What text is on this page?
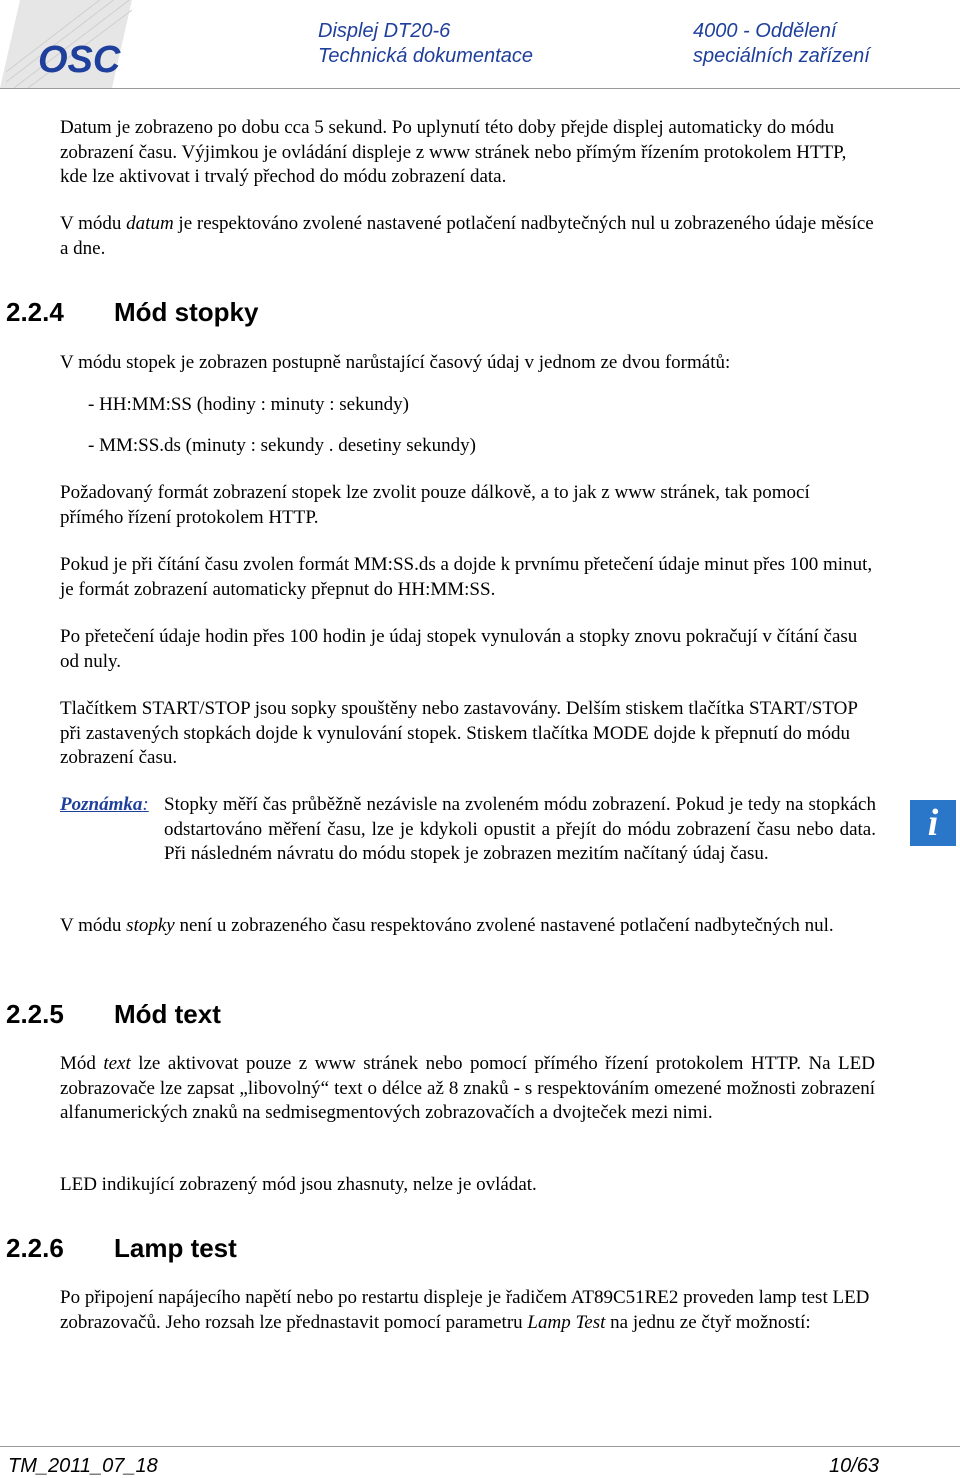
OSC
Displej DT20-6
Technická dokumentace
4000 - Oddělení
speciálních zařízení
Datum je zobrazeno po dobu cca 5 sekund. Po uplynutí této doby přejde displej automaticky do módu zobrazení času. Výjimkou je ovládání displeje z www stránek nebo přímým řízením protokolem HTTP, kde lze aktivovat i trvalý přechod do módu zobrazení data.
V módu datum je respektováno zvolené nastavené potlačení nadbytečných nul u zobrazeného údaje měsíce a dne.
2.2.4 Mód stopky
V módu stopek je zobrazen postupně narůstající časový údaj v jednom ze dvou formátů:
- HH:MM:SS (hodiny : minuty : sekundy)
- MM:SS.ds (minuty : sekundy . desetiny sekundy)
Požadovaný formát zobrazení stopek lze zvolit pouze dálkově, a to jak z www stránek, tak pomocí přímého řízení protokolem HTTP.
Pokud je při čítání času zvolen formát MM:SS.ds a dojde k prvnímu přetečení údaje minut přes 100 minut, je formát zobrazení automaticky přepnut do HH:MM:SS.
Po přetečení údaje hodin přes 100 hodin je údaj stopek vynulován a stopky znovu pokračují v čítání času od nuly.
Tlačítkem START/STOP jsou sopky spouštěny nebo zastavovány. Delším stiskem tlačítka START/STOP při zastavených stopkách dojde k vynulování stopek. Stiskem tlačítka MODE dojde k přepnutí do módu zobrazení času.
Poznámka: Stopky měří čas průběžně nezávisle na zvoleném módu zobrazení. Pokud je tedy na stopkách odstartováno měření času, lze je kdykoli opustit a přejít do módu zobrazení času nebo data. Při následném návratu do módu stopek je zobrazen mezitím načítaný údaj času.
i
V módu stopky není u zobrazeného času respektováno zvolené nastavené potlačení nadbytečných nul.
2.2.5 Mód text
Mód text lze aktivovat pouze z www stránek nebo pomocí přímého řízení protokolem HTTP. Na LED zobrazovače lze zapsat „libovolný“ text o délce až 8 znaků - s respektováním omezené možnosti zobrazení alfanumerických znaků na sedmisegmentových zobrazovačích a dvojteček mezi nimi.
LED indikující zobrazený mód jsou zhasnuty, nelze je ovládat.
2.2.6 Lamp test
Po připojení napájecího napětí nebo po restartu displeje je řadičem AT89C51RE2 proveden lamp test LED zobrazovačů. Jeho rozsah lze přednastavit pomocí parametru Lamp Test na jednu ze čtyř možností:
TM_2011_07_18	10/63
